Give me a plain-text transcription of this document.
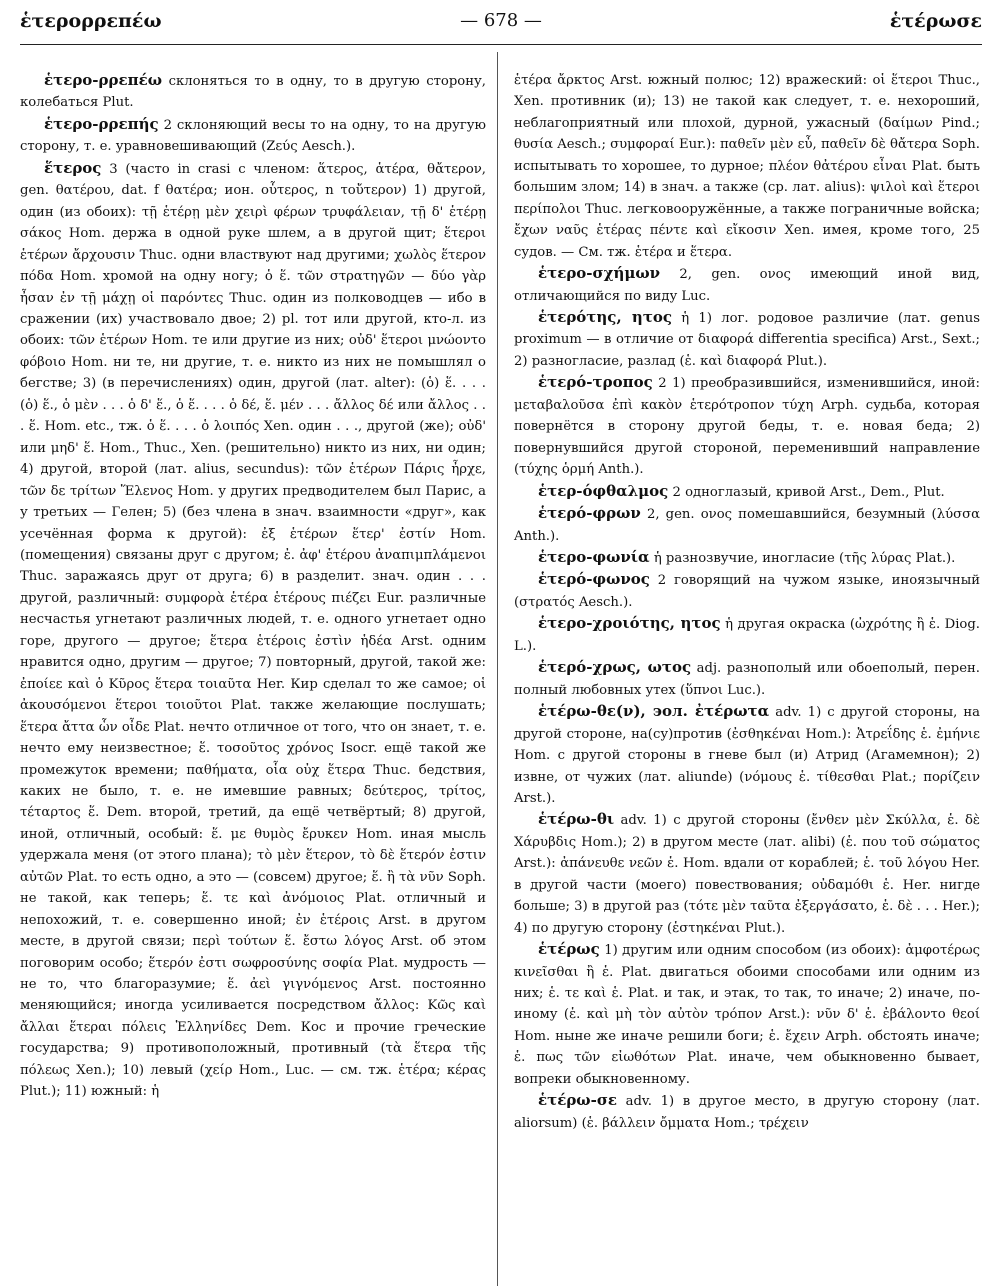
ἑτερορρεπέω	— 678 —	ἑτέρωσε

ἑτερο-ρρεπέω склоняться то в одну, то в другую сторону, колебаться Plut.

ἑτερο-ρρεπής 2 склоняющий весы то на одну, то на другую сторону, т. е. уравновешивающий (Ζεύς Aesch.).

ἕτερος 3 (часто in crasi с членом: ἅτερος, ἁτέρα, θἄτερον, gen. θατέρου, dat. f θατέρα; ион. οὗτερος, n τοὔτερον) 1) другой, один (из обоих): τῇ ἑτέρῃ μὲν χειρὶ φέρων τρυφάλειαν, τῇ δ' ἑτέρῃ σάκος Hom. держа в одной руке шлем, а в другой щит; ἕτεροι ἑτέρων ἄρχουσιν Thuc. одни властвуют над другими; χωλὸς ἕτερον πόδα Hom. хромой на одну ногу; ὁ ἕ. τῶν στρατηγῶν — δύο γὰρ ἦσαν ἐν τῇ μάχῃ οἱ παρόντες Thuc. один из полководцев — ибо в сражении (их) участвовало двое; 2) pl. тот или другой, кто-л. из обоих: τῶν ἑτέρων Hom. те или другие из них; οὐδ' ἕτεροι μνώοντο φόβοιο Hom. ни те, ни другие, т. е. никто из них не помышлял о бегстве; 3) (в перечислениях) один, другой (лат. alter): (ὁ) ἕ. . . . (ὁ) ἕ., ὁ μὲν . . . ὁ δ' ἕ., ὁ ἕ. . . . ὁ δέ, ἕ. μέν . . . ἄλλος δέ или ἄλλος . . . ἕ. Hom. etc., тж. ὁ ἕ. . . . ὁ λοιπός Xen. один . . ., другой (же); οὐδ' или μηδ' ἕ. Hom., Thuc., Xen. (решительно) никто из них, ни один; 4) другой, второй (лат. alius, secundus): τῶν ἑτέρων Πάρις ἦρχε, τῶν δε τρίτων Ἕλενος Hom. у других предводителем был Парис, а у третьих — Гелен; 5) (без члена в знач. взаимности «друг», как усечённая форма к другой): ἐξ ἑτέρων ἕτερ' ἐστίν Hom. (помещения) связаны друг с другом; ἐ. ἀφ' ἑτέρου ἀναπιμπλάμενοι Thuc. заражаясь друг от друга; 6) в разделит. знач. один . . . другой, различный: συμφορὰ ἑτέρα ἑτέρους πιέζει Eur. различные несчастья угнетают различных людей, т. е. одного угнетает одно горе, другого — другое; ἕτερα ἑτέροις ἐστὶν ἡδέα Arst. одним нравится одно, другим — другое; 7) повторный, другой, такой же: ἐποίεε καὶ ὁ Κῦρος ἕτερα τοιαῦτα Her. Кир сделал то же самое; οἱ ἀκουσόμενοι ἕτεροι τοιοῦτοι Plat. также желающие послушать; ἕτερα ἄττα ὧν οἶδε Plat. нечто отличное от того, что он знает, т. е. нечто ему неизвестное; ἕ. τοσοῦτος χρόνος Isocr. ещё такой же промежуток времени; παθήματα, οἷα οὐχ ἕτερα Thuc. бедствия, каких не было, т. е. не имевшие равных; δεύτερος, τρίτος, τέταρτος ἕ. Dem. второй, третий, да ещё четвёртый; 8) другой, иной, отличный, особый: ἕ. με θυμὸς ἔρυκεν Hom. иная мысль удержала меня (от этого плана); τὸ μὲν ἕτερον, τὸ δὲ ἕτερόν ἐστιν αὐτῶν Plat. то есть одно, а это — (совсем) другое; ἕ. ἢ τὰ νῦν Soph. не такой, как теперь; ἕ. τε καὶ ἀνόμοιος Plat. отличный и непохожий, т. е. совершенно иной; ἐν ἑτέροις Arst. в другом месте, в другой связи; περὶ τούτων ἕ. ἔστω λόγος Arst. об этом поговорим особо; ἕτερόν ἐστι σωφροσύνης σοφία Plat. мудрость — не то, что благоразумие; ἕ. ἀεὶ γιγνόμενος Arst. постоянно меняющийся; иногда усиливается посредством ἄλλος: Κῶς καὶ ἄλλαι ἕτεραι πόλεις Ἑλληνίδες Dem. Кос и прочие греческие государства; 9) противоположный, противный (τὰ ἕτερα τῆς πόλεως Xen.); 10) левый (χείρ Hom., Luc. — см. тж. ἑτέρα; κέρας Plut.); 11) южный: ἡ

ἑτέρα ἄρκτος Arst. южный полюс; 12) вражеский: οἱ ἕτεροι Thuc., Xen. противник (и); 13) не такой как следует, т. е. нехороший, неблагоприятный или плохой, дурной, ужасный (δαίμων Pind.; θυσία Aesch.; συμφοραί Eur.): παθεῖν μὲν εὖ, παθεῖν δὲ θἄτερα Soph. испытывать то хорошее, то дурное; πλέον θἀτέρου εἶναι Plat. быть большим злом; 14) в знач. а также (ср. лат. alius): ψιλοὶ καὶ ἕτεροι περίπολοι Thuc. легковооружённые, а также пограничные войска; ἔχων ναῦς ἑτέρας πέντε καὶ εἴκοσιν Xen. имея, кроме того, 25 судов. — См. тж. ἑτέρα и ἕτερα.

ἑτερο-σχήμων 2, gen. ονος имеющий иной вид, отличающийся по виду Luc.

ἑτερότης, ητος ἡ 1) лог. родовое различие (лат. genus proximum — в отличие от διαφορά differentia specifica) Arst., Sext.; 2) разногласие, разлад (ἑ. καὶ διαφορά Plut.).

ἑτερό-τροπος 2 1) преобразившийся, изменившийся, иной: μεταβαλοῦσα ἐπὶ κακὸν ἑτερότροπον τύχη Arph. судьба, которая повернётся в сторону другой беды, т. е. новая беда; 2) повернувшийся другой стороной, переменивший направление (τύχης ὁρμή Anth.).

ἑτερ-όφθαλμος 2 одноглазый, кривой Arst., Dem., Plut.

ἑτερό-φρων 2, gen. ονος помешавшийся, безумный (λύσσα Anth.).

ἑτερο-φωνία ἡ разнозвучие, иногласие (τῆς λύρας Plat.).

ἑτερό-φωνος 2 говорящий на чужом языке, иноязычный (στρατός Aesch.).

ἑτερο-χροιότης, ητος ἡ другая окраска (ὠχρότης ἢ ἑ. Diog. L.).

ἑτερό-χρως, ωτος adj. разнополый или обоеполый, перен. полный любовных утех (ὕπνοι Luc.).

ἑτέρω-θε(ν), эол. ἐτέρωτα adv. 1) с другой стороны, на другой стороне, на(су)против (ἐσθηκέναι Hom.): Ἀτρεΐδης ἑ. ἐμήνιε Hom. с другой стороны в гневе был (и) Атрид (Агамемнон); 2) извне, от чужих (лат. aliunde) (νόμους ἑ. τίθεσθαι Plat.; πορίζειν Arst.).

ἑτέρω-θι adv. 1) с другой стороны (ἔνθεν μὲν Σκύλλα, ἑ. δὲ Χάρυβδις Hom.); 2) в другом месте (лат. alibi) (ἑ. που τοῦ σώματος Arst.): ἀπάνευθε νεῶν ἑ. Hom. вдали от кораблей; ἑ. τοῦ λόγου Her. в другой части (моего) повествования; οὐδαμόθι ἑ. Her. нигде больше; 3) в другой раз (τότε μὲν ταῦτα ἐξεργάσατο, ἑ. δὲ . . . Her.); 4) по другую сторону (ἑστηκέναι Plut.).

ἑτέρως 1) другим или одним способом (из обоих): ἀμφοτέρως κινεῖσθαι ἢ ἑ. Plat. двигаться обоими способами или одним из них; ἑ. τε καὶ ἑ. Plat. и так, и этак, то так, то иначе; 2) иначе, по-иному (ἑ. καὶ μὴ τὸν αὐτὸν τρόπον Arst.): νῦν δ' ἑ. ἐβάλοντο θεοί Hom. ныне же иначе решили боги; ἑ. ἔχειν Arph. обстоять иначе; ἑ. πως τῶν εἰωθότων Plat. иначе, чем обыкновенно бывает, вопреки обыкновенному.

ἑτέρω-σε adv. 1) в другое место, в другую сторону (лат. aliorsum) (ἑ. βάλλειν ὄμματα Hom.; τρέχειν
